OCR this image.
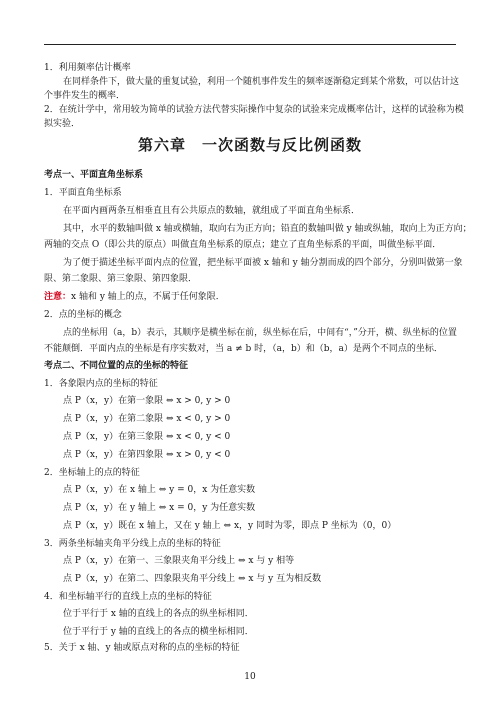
1．利用频率估计概率
在同样条件下，做大量的重复试验，利用一个随机事件发生的频率逐渐稳定到某个常数，可以估计这
个事件发生的概率．
2．在统计学中，常用较为简单的试验方法代替实际操作中复杂的试验来完成概率估计，这样的试验称为模
拟实验．
第六章　一次函数与反比例函数
考点一、平面直角坐标系
1．平面直角坐标系
在平面内画两条互相垂直且有公共原点的数轴，就组成了平面直角坐标系．
其中，水平的数轴叫做 x 轴或横轴，取向右为正方向；铅直的数轴叫做 y 轴或纵轴，取向上为正方向；
两轴的交点 O（即公共的原点）叫做直角坐标系的原点；建立了直角坐标系的平面，叫做坐标平面．
为了便于描述坐标平面内点的位置，把坐标平面被 x 轴和 y 轴分割而成的四个部分，分别叫做第一象
限、第二象限、第三象限、第四象限．
注意：x 轴和 y 轴上的点，不属于任何象限．
2．点的坐标的概念
点的坐标用（a，b）表示，其顺序是横坐标在前，纵坐标在后，中间有“，”分开，横、纵坐标的位置
不能颠倒．平面内点的坐标是有序实数对，当 a ≠ b 时，（a，b）和（b，a）是两个不同点的坐标．
考点二、不同位置的点的坐标的特征
1．各象限内点的坐标的特征
点 P（x，y）在第一象限 ⇔ x > 0, y > 0
点 P（x，y）在第二象限 ⇔ x < 0, y > 0
点 P（x，y）在第三象限 ⇔ x < 0, y < 0
点 P（x，y）在第四象限 ⇔ x > 0, y < 0
2．坐标轴上的点的特征
点 P（x，y）在 x 轴上 ⇔ y = 0，x 为任意实数
点 P（x，y）在 y 轴上 ⇔ x = 0，y 为任意实数
点 P（x，y）既在 x 轴上，又在 y 轴上 ⇔ x，y 同时为零，即点 P 坐标为（0，0）
3．两条坐标轴夹角平分线上点的坐标的特征
点 P（x，y）在第一、三象限夹角平分线上 ⇔ x 与 y 相等
点 P（x，y）在第二、四象限夹角平分线上 ⇔ x 与 y 互为相反数
4．和坐标轴平行的直线上点的坐标的特征
位于平行于 x 轴的直线上的各点的纵坐标相同．
位于平行于 y 轴的直线上的各点的横坐标相同．
5．关于 x 轴、y 轴或原点对称的点的坐标的特征
10
